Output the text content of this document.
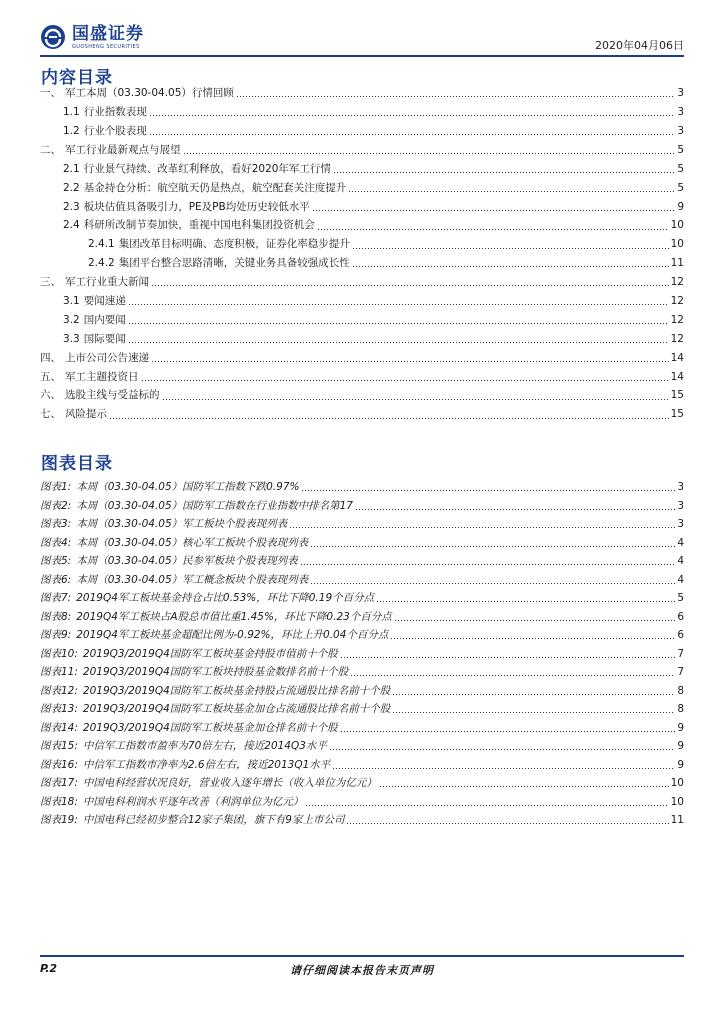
国盛证券
GUOSHENG SECURITIES	2020年04月06日
内容目录
一、 军工本周（03.30-04.05）行情回顾	3
1.1 行业指数表现	3
1.2 行业个股表现	3
二、 军工行业最新观点与展望	5
2.1 行业景气持续、改革红利释放，看好2020年军工行情	5
2.2 基金持仓分析：航空航天仍是热点，航空配套关注度提升	5
2.3 板块估值具备吸引力，PE及PB均处历史较低水平	9
2.4 科研所改制节奏加快，重视中国电科集团投资机会	10
2.4.1 集团改革目标明确、态度积极，证券化率稳步提升	10
2.4.2 集团平台整合思路清晰，关键业务具备较强成长性	11
三、 军工行业重大新闻	12
3.1 要闻速递	12
3.2 国内要闻	12
3.3 国际要闻	12
四、 上市公司公告速递	14
五、 军工主题投资日	14
六、 选股主线与受益标的	15
七、 风险提示	15
图表目录
图表1: 本周（03.30-04.05）国防军工指数下跌0.97%	3
图表2: 本周（03.30-04.05）国防军工指数在行业指数中排名第17	3
图表3: 本周（03.30-04.05）军工板块个股表现列表	3
图表4: 本周（03.30-04.05）核心军工板块个股表现列表	4
图表5: 本周（03.30-04.05）民参军板块个股表现列表	4
图表6: 本周（03.30-04.05）军工概念板块个股表现列表	4
图表7: 2019Q4军工板块基金持仓占比0.53%，环比下降0.19个百分点	5
图表8: 2019Q4军工板块占A股总市值比重1.45%，环比下降0.23个百分点	6
图表9: 2019Q4军工板块基金超配比例为-0.92%，环比上升0.04个百分点	6
图表10: 2019Q3/2019Q4国防军工板块基金持股市值前十个股	7
图表11: 2019Q3/2019Q4国防军工板块持股基金数排名前十个股	7
图表12: 2019Q3/2019Q4国防军工板块基金持股占流通股比排名前十个股	8
图表13: 2019Q3/2019Q4国防军工板块基金加仓占流通股比排名前十个股	8
图表14: 2019Q3/2019Q4国防军工板块基金加仓排名前十个股	9
图表15: 中信军工指数市盈率为70倍左右，接近2014Q3水平	9
图表16: 中信军工指数市净率为2.6倍左右，接近2013Q1水平	9
图表17: 中国电科经营状况良好，营业收入逐年增长（收入单位为亿元）	10
图表18: 中国电科利润水平逐年改善（利润单位为亿元）	10
图表19: 中国电科已经初步整合12家子集团，旗下有9家上市公司	11
请仔细阅读本报告末页声明
P.2
